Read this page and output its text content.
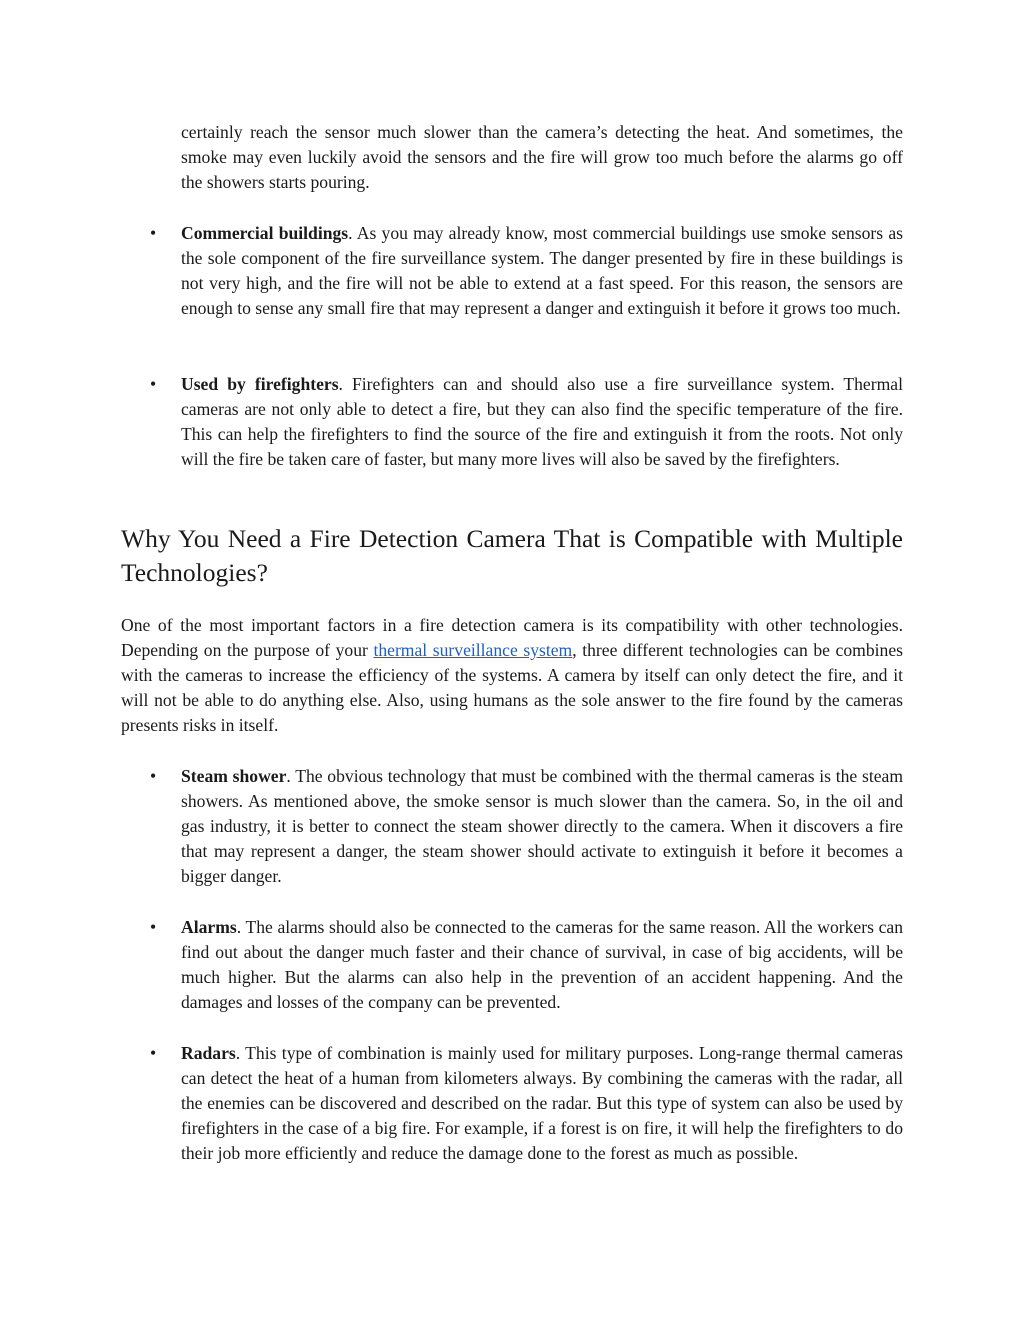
certainly reach the sensor much slower than the camera’s detecting the heat. And sometimes, the smoke may even luckily avoid the sensors and the fire will grow too much before the alarms go off the showers starts pouring.

• Commercial buildings. As you may already know, most commercial buildings use smoke sensors as the sole component of the fire surveillance system. The danger presented by fire in these buildings is not very high, and the fire will not be able to extend at a fast speed. For this reason, the sensors are enough to sense any small fire that may represent a danger and extinguish it before it grows too much.

• Used by firefighters. Firefighters can and should also use a fire surveillance system. Thermal cameras are not only able to detect a fire, but they can also find the specific temperature of the fire. This can help the firefighters to find the source of the fire and extinguish it from the roots. Not only will the fire be taken care of faster, but many more lives will also be saved by the firefighters.

Why You Need a Fire Detection Camera That is Compatible with Multiple Technologies?

One of the most important factors in a fire detection camera is its compatibility with other technologies. Depending on the purpose of your thermal surveillance system, three different technologies can be combines with the cameras to increase the efficiency of the systems. A camera by itself can only detect the fire, and it will not be able to do anything else. Also, using humans as the sole answer to the fire found by the cameras presents risks in itself.

• Steam shower. The obvious technology that must be combined with the thermal cameras is the steam showers. As mentioned above, the smoke sensor is much slower than the camera. So, in the oil and gas industry, it is better to connect the steam shower directly to the camera. When it discovers a fire that may represent a danger, the steam shower should activate to extinguish it before it becomes a bigger danger.

• Alarms. The alarms should also be connected to the cameras for the same reason. All the workers can find out about the danger much faster and their chance of survival, in case of big accidents, will be much higher. But the alarms can also help in the prevention of an accident happening. And the damages and losses of the company can be prevented.

• Radars. This type of combination is mainly used for military purposes. Long-range thermal cameras can detect the heat of a human from kilometers always. By combining the cameras with the radar, all the enemies can be discovered and described on the radar. But this type of system can also be used by firefighters in the case of a big fire. For example, if a forest is on fire, it will help the firefighters to do their job more efficiently and reduce the damage done to the forest as much as possible.
